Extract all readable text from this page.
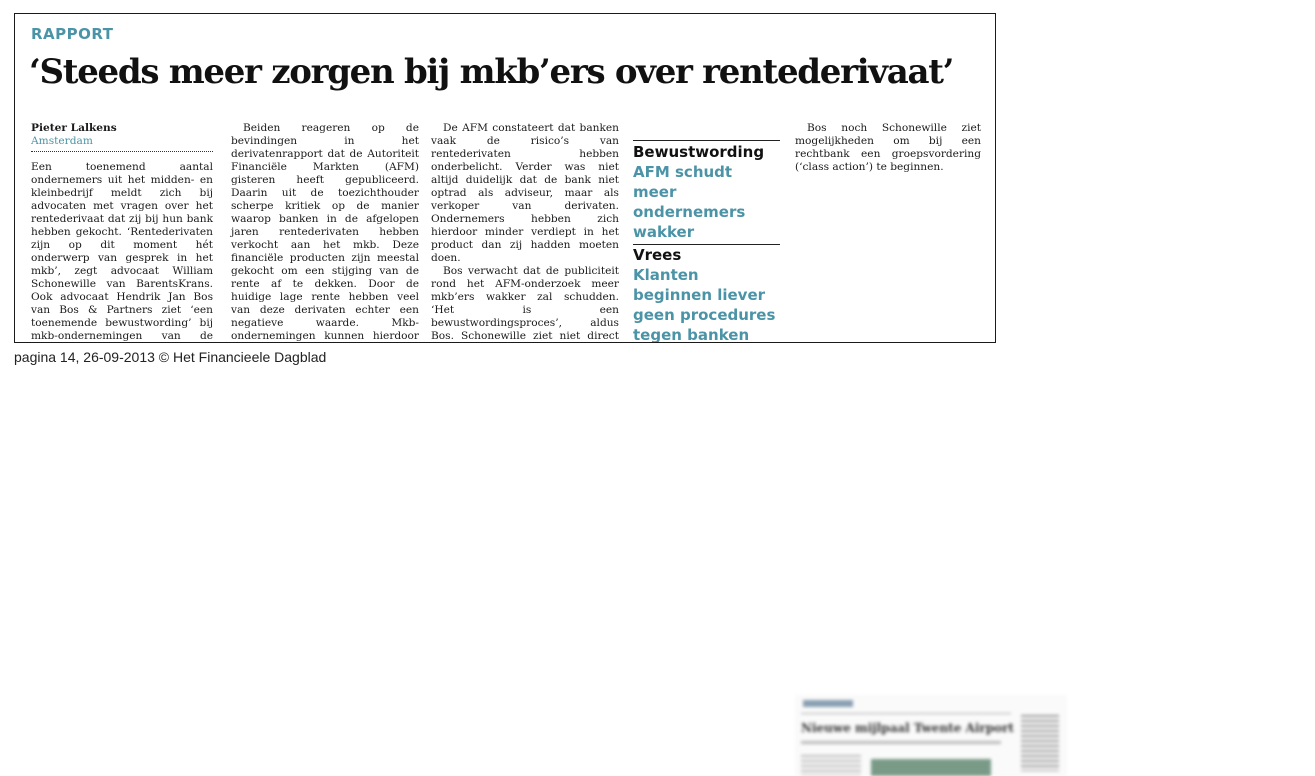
RAPPORT
‘Steeds meer zorgen bij mkb’ers over rentederivaat’
Pieter Lalkens
Amsterdam

Een toenemend aantal ondernemers uit het midden- en kleinbedrijf meldt zich bij advocaten met vragen over het rentederivaat dat zij bij hun bank hebben gekocht. ‘Rentederivaten zijn op dit moment hét onderwerp van gesprek in het mkb’, zegt advocaat William Schonewille van BarentsKrans. Ook advocaat Hendrik Jan Bos van Bos & Partners ziet ‘een toenemende bewustwording’ bij mkb-ondernemingen van de

Beiden reageren op de bevindingen in het derivatenrapport dat de Autoriteit Financiële Markten (AFM) gisteren heeft gepubliceerd. Daarin uit de toezichthouder scherpe kritiek op de manier waarop banken in de afgelopen jaren rentederivaten hebben verkocht aan het mkb. Deze financiële producten zijn meestal gekocht om een stijging van de rente af te dekken. Door de huidige lage rente hebben veel van deze derivaten echter een negatieve waarde. Mkb-ondernemingen kunnen hierdoor

De AFM constateert dat banken vaak de risico’s van rentederivaten hebben onderbelicht. Verder was niet altijd duidelijk dat de bank niet optrad als adviseur, maar als verkoper van derivaten. Ondernemers hebben zich hierdoor minder verdiept in het product dan zij hadden moeten doen.

Bos verwacht dat de publiciteit rond het AFM-onderzoek meer mkb’ers wakker zal schudden. ‘Het is een bewustwordingsproces’, aldus Bos. Schonewille ziet niet direct

Bewustwording
AFM schudt meer ondernemers wakker
Vrees
Klanten beginnen liever geen procedures tegen banken

Bos noch Schonewille ziet mogelijkheden om bij een rechtbank een groepsvordering (‘class action’) te beginnen.

pagina 14, 26-09-2013 © Het Financieele Dagblad
Nieuwe mijlpaal Twente Airport
